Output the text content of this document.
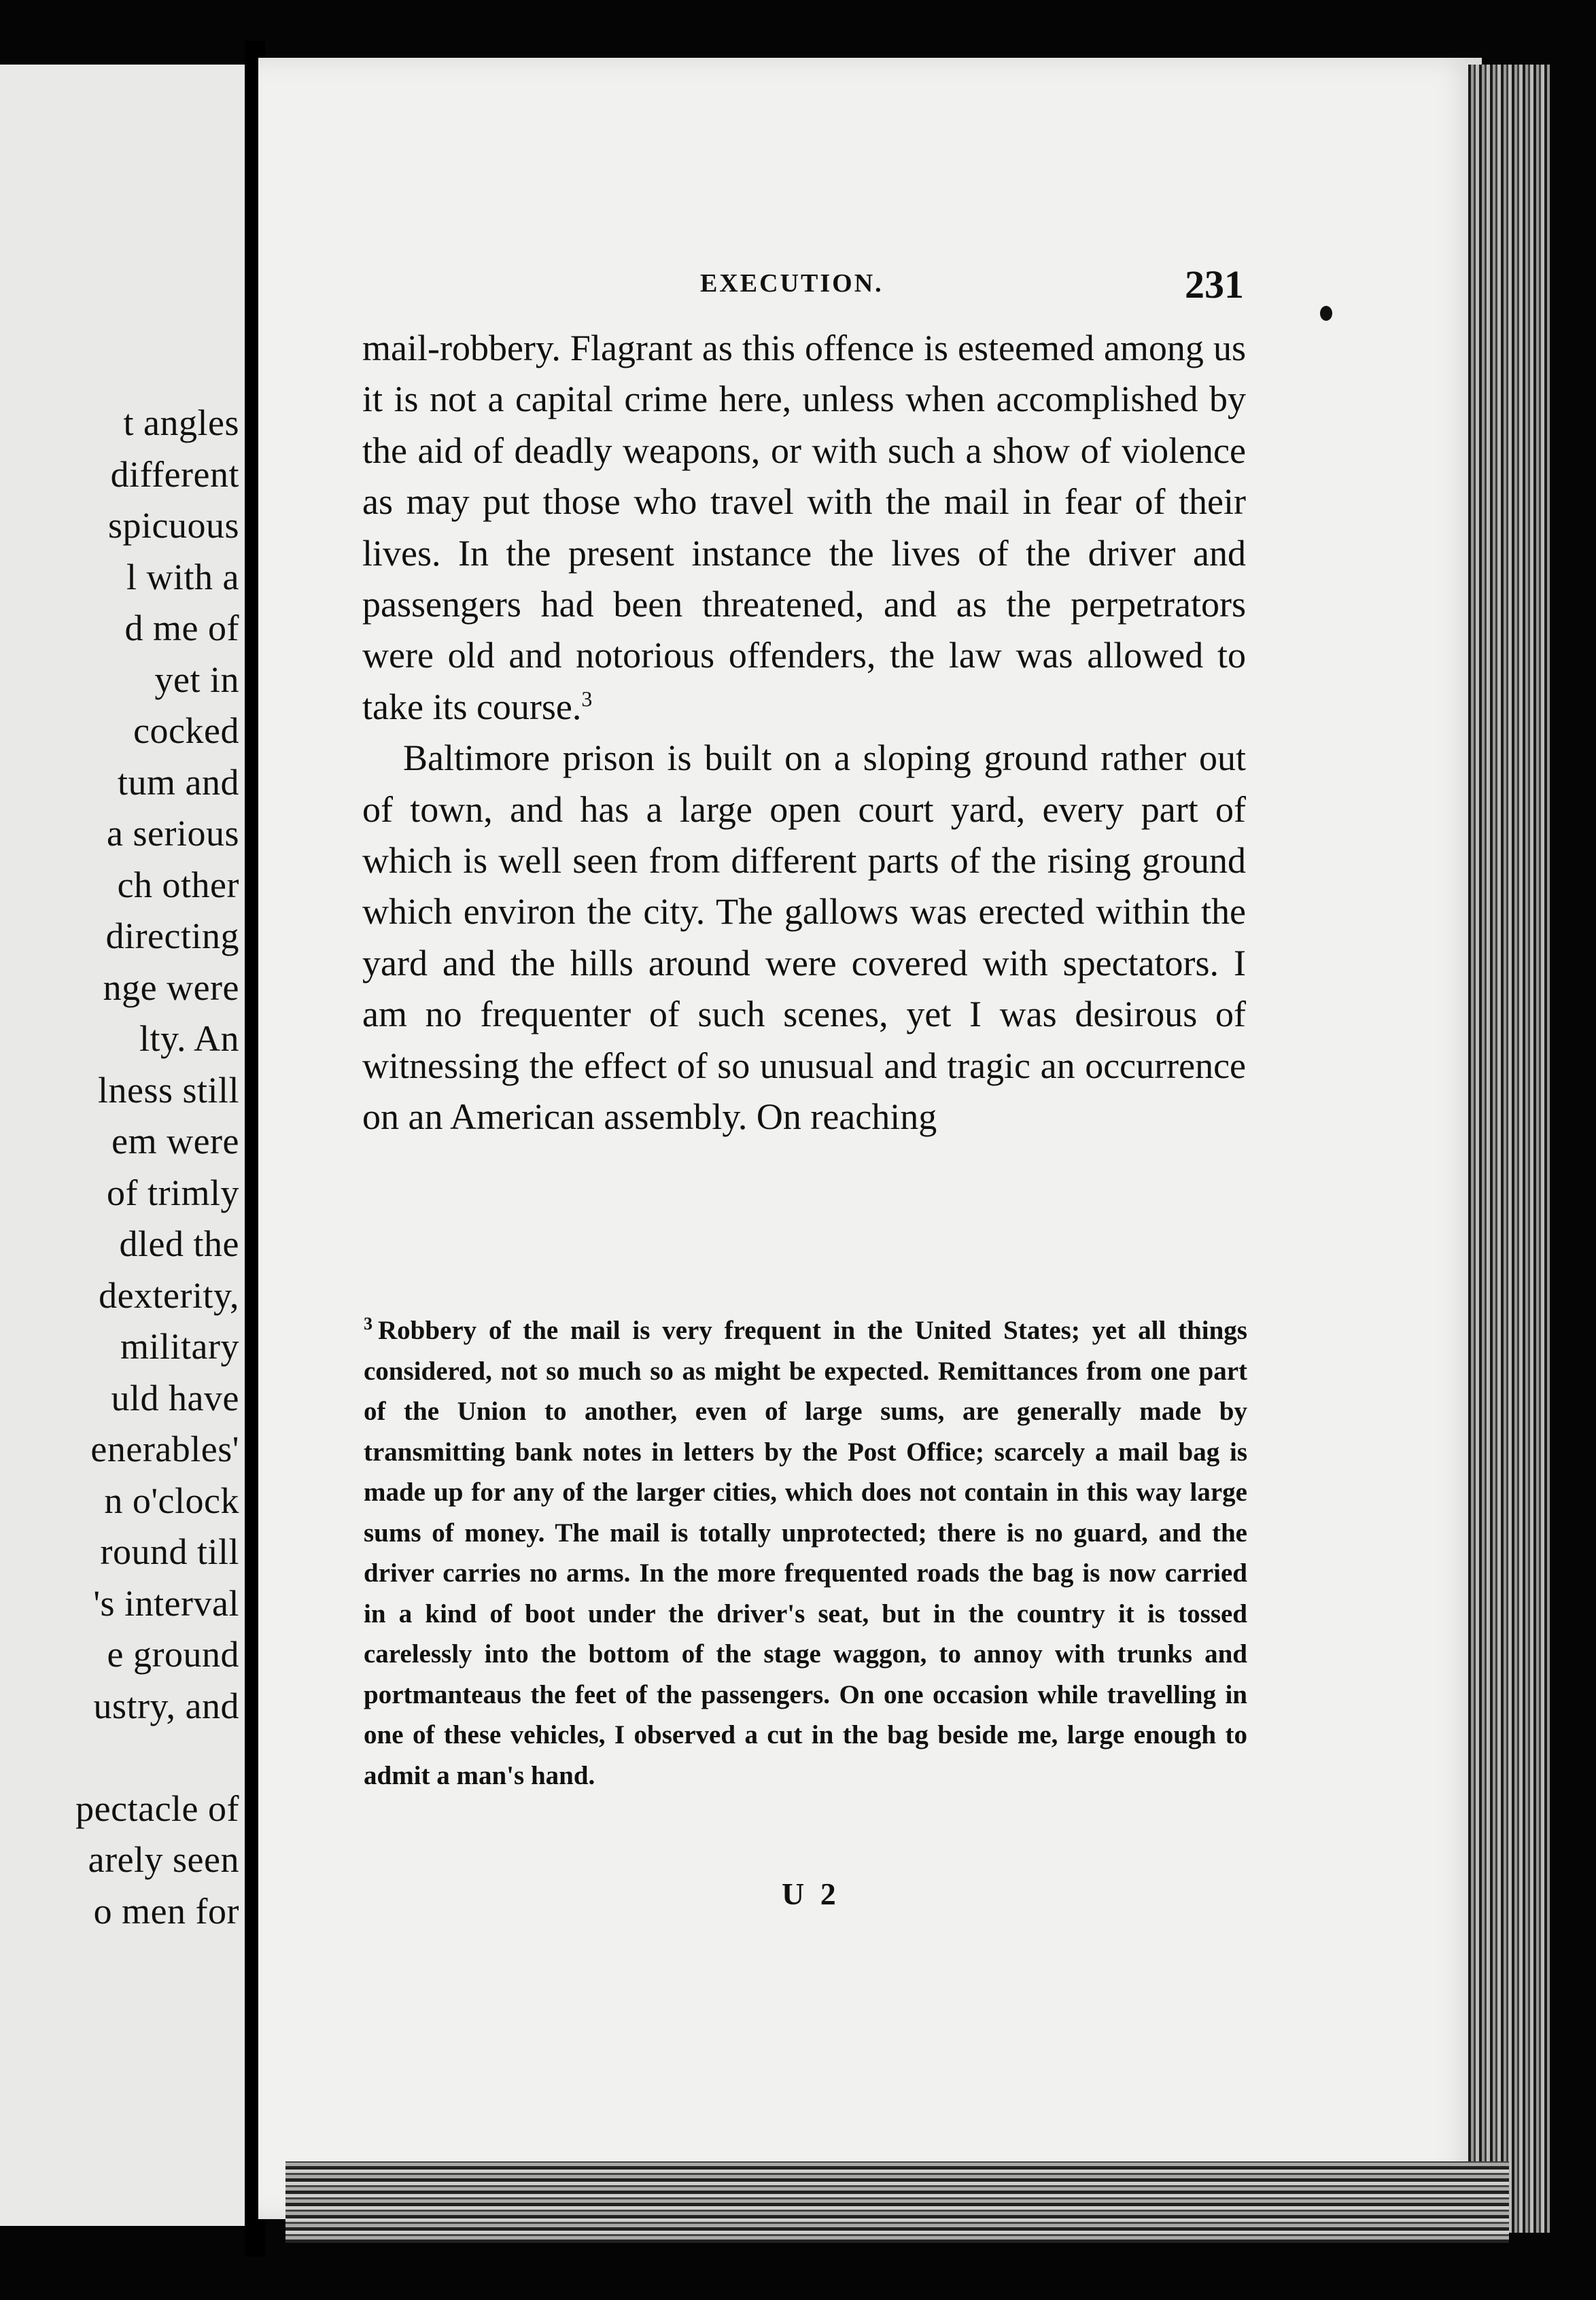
t angles
different
spicuous
l with a
d me of
yet in
cocked
tum and
a serious
ch other
directing
nge were
lty. An
lness still
em were
of trimly
dled the
dexterity,
military
uld have
enerables'
n o'clock
round till
's interval
e ground
ustry, and

pectacle of
arely seen
o men for
EXECUTION.	231

mail-robbery. Flagrant as this offence is esteemed among us it is not a capital crime here, unless when accomplished by the aid of deadly weapons, or with such a show of violence as may put those who travel with the mail in fear of their lives. In the present instance the lives of the driver and passengers had been threatened, and as the perpetrators were old and notorious offenders, the law was allowed to take its course.$^3$

Baltimore prison is built on a sloping ground rather out of town, and has a large open court yard, every part of which is well seen from different parts of the rising ground which environ the city. The gallows was erected within the yard and the hills around were covered with spectators. I am no frequenter of such scenes, yet I was desirous of witnessing the effect of so unusual and tragic an occurrence on an American assembly. On reaching

$^3$ Robbery of the mail is very frequent in the United States; yet all things considered, not so much so as might be expected. Remittances from one part of the Union to another, even of large sums, are generally made by transmitting bank notes in letters by the Post Office; scarcely a mail bag is made up for any of the larger cities, which does not contain in this way large sums of money. The mail is totally unprotected; there is no guard, and the driver carries no arms. In the more frequented roads the bag is now carried in a kind of boot under the driver's seat, but in the country it is tossed carelessly into the bottom of the stage waggon, to annoy with trunks and portmanteaus the feet of the passengers. On one occasion while travelling in one of these vehicles, I observed a cut in the bag beside me, large enough to admit a man's hand.

U 2
